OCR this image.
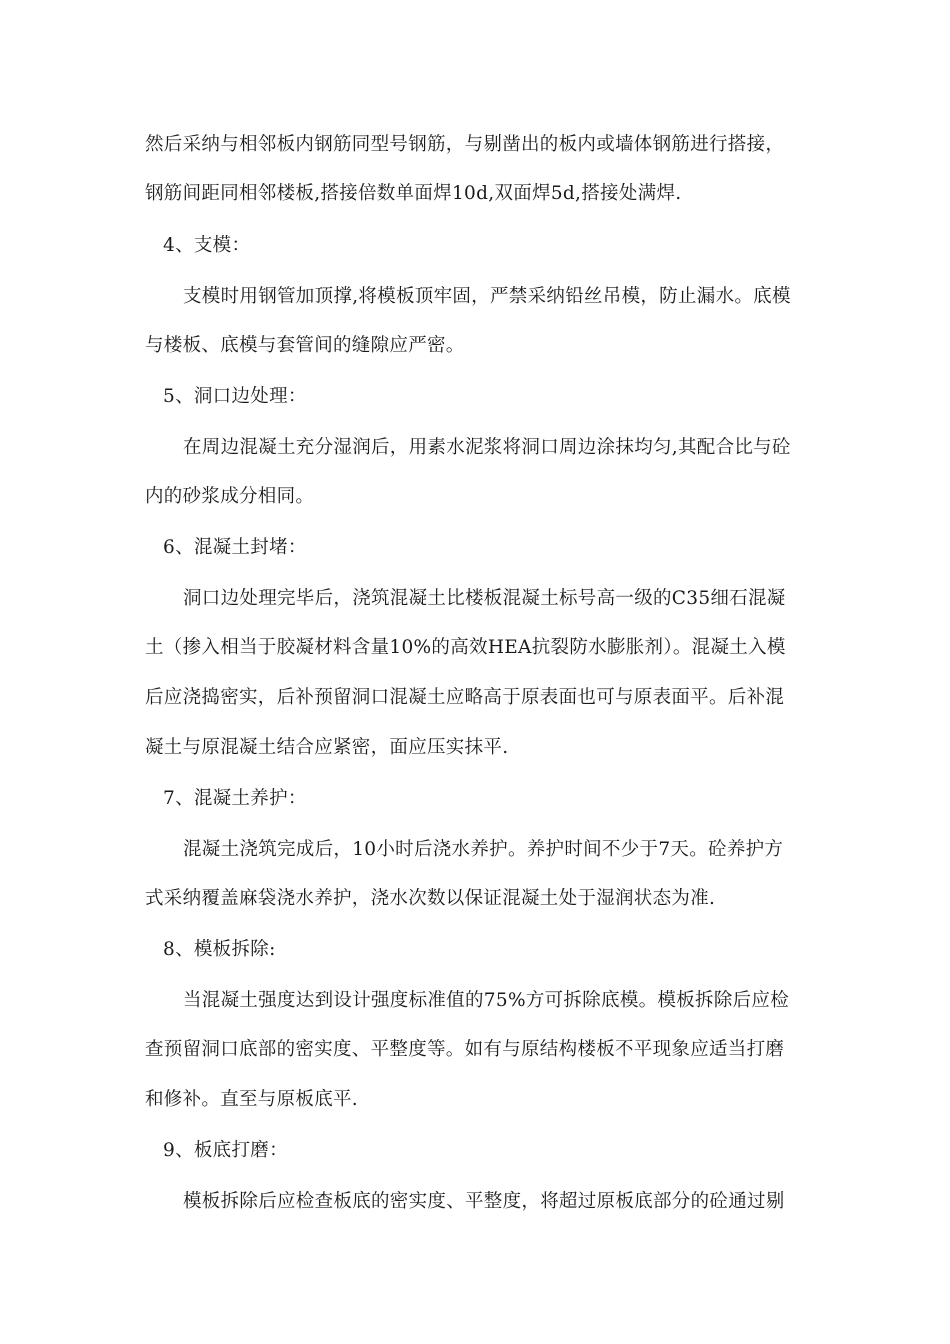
然后采纳与相邻板内钢筋同型号钢筋，与剔凿出的板内或墙体钢筋进行搭接，
钢筋间距同相邻楼板,搭接倍数单面焊10d,双面焊5d,搭接处满焊.
4、支模：
支模时用钢管加顶撑,将模板顶牢固，严禁采纳铅丝吊模，防止漏水。底模
与楼板、底模与套管间的缝隙应严密。
5、洞口边处理：
在周边混凝土充分湿润后，用素水泥浆将洞口周边涂抹均匀,其配合比与砼
内的砂浆成分相同。
6、混凝土封堵：
洞口边处理完毕后，浇筑混凝土比楼板混凝土标号高一级的C35细石混凝
土（掺入相当于胶凝材料含量10%的高效HEA抗裂防水膨胀剂）。混凝土入模
后应浇捣密实，后补预留洞口混凝土应略高于原表面也可与原表面平。后补混
凝土与原混凝土结合应紧密，面应压实抹平.
7、混凝土养护：
混凝土浇筑完成后，10小时后浇水养护。养护时间不少于7天。砼养护方
式采纳覆盖麻袋浇水养护，浇水次数以保证混凝土处于湿润状态为准.
8、模板拆除:
当混凝土强度达到设计强度标准值的75%方可拆除底模。模板拆除后应检
查预留洞口底部的密实度、平整度等。如有与原结构楼板不平现象应适当打磨
和修补。直至与原板底平.
9、板底打磨：
模板拆除后应检查板底的密实度、平整度，将超过原板底部分的砼通过剔
